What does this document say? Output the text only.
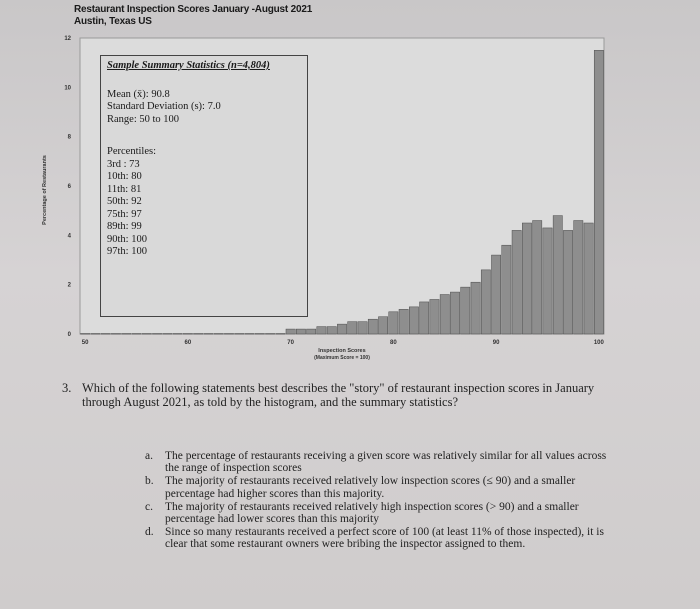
Restaurant Inspection Scores January -August 2021
Austin, Texas US
0
2
4
6
8
10
12
50	60	70	80	90	100
Percentage of Restaurants
Inspection Scores
(Maximum Score = 100)
Sample Summary Statistics (n=4,804)
Mean (x̄): 90.8
Standard Deviation (s): 7.0
Range: 50 to 100
Percentiles:
3rd : 73
10th: 80
11th: 81
50th: 92
75th: 97
89th: 99
90th: 100
97th: 100
3. Which of the following statements best describes the "story" of restaurant inspection scores in January through August 2021, as told by the histogram, and the summary statistics?
a. The percentage of restaurants receiving a given score was relatively similar for all values across the range of inspection scores
b. The majority of restaurants received relatively low inspection scores (≤ 90) and a smaller percentage had higher scores than this majority.
c. The majority of restaurants received relatively high inspection scores (> 90) and a smaller percentage had lower scores than this majority
d. Since so many restaurants received a perfect score of 100 (at least 11% of those inspected), it is clear that some restaurant owners were bribing the inspector assigned to them.
